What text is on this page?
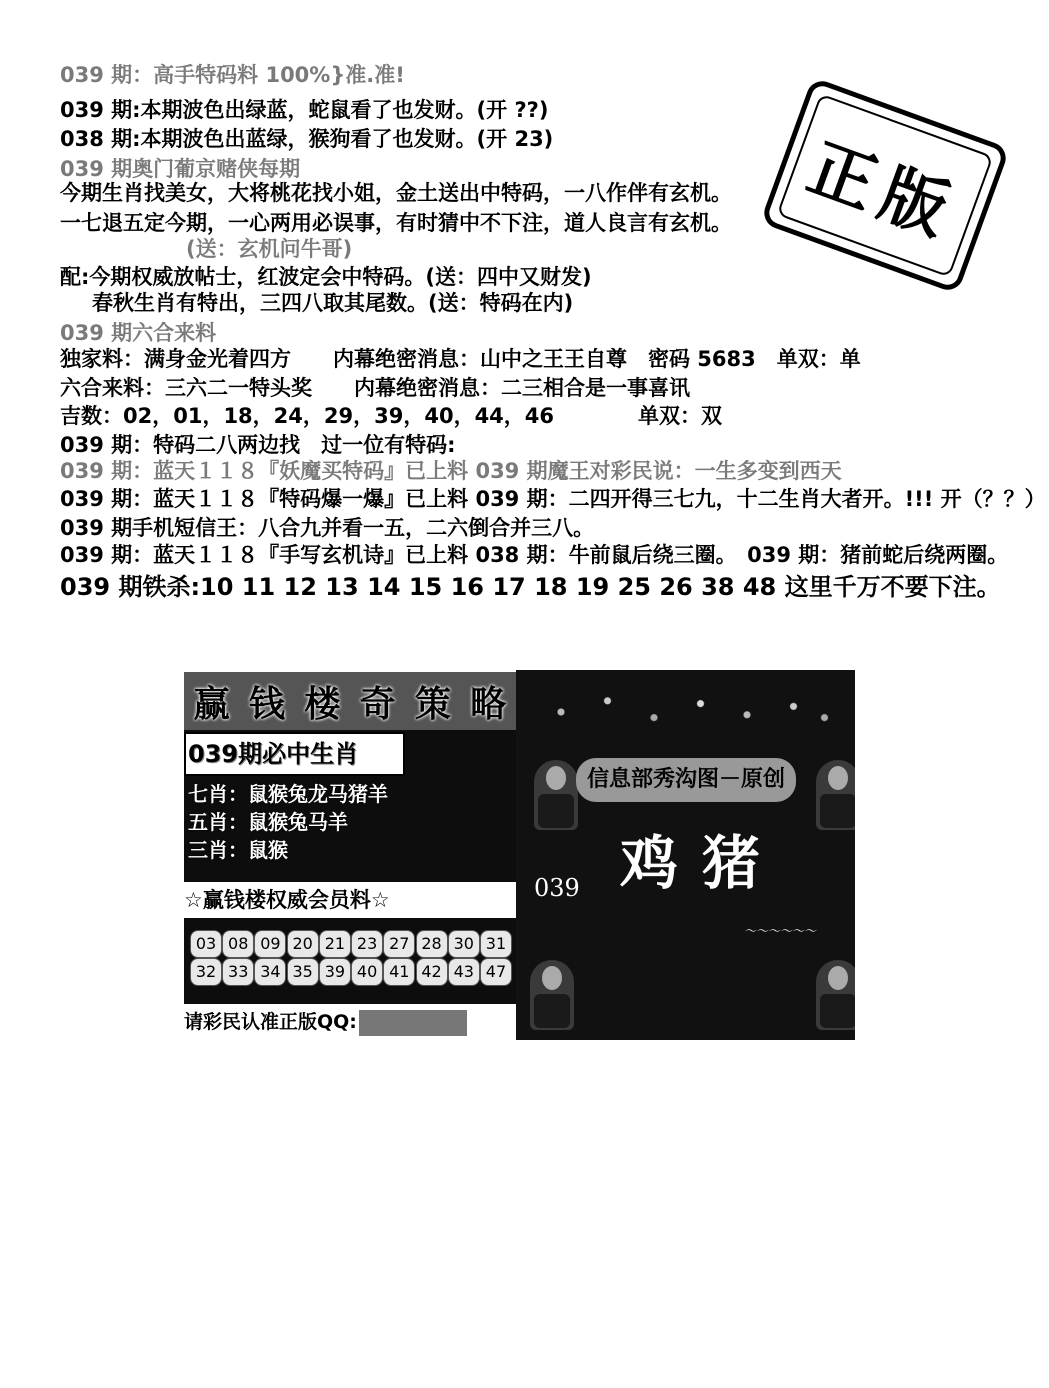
039 期：高手特码料 100%}准.准!
039 期:本期波色出绿蓝，蛇鼠看了也发财。(开 ??)
038 期:本期波色出蓝绿，猴狗看了也发财。(开 23)
039 期奥门葡京赌侠每期
今期生肖找美女，大将桃花找小姐，金土送出中特码，一八作伴有玄机。
一七退五定今期，一心两用必误事，有时猜中不下注，道人良言有玄机。
(送：玄机问牛哥)
配:今期权威放帖士，红波定会中特码。(送：四中又财发)
春秋生肖有特出，三四八取其尾数。(送：特码在内)
039 期六合来料
独家料：满身金光着四方　　内幕绝密消息：山中之王王自尊　密码 5683　单双：单
六合来料：三六二一特头奖　　内幕绝密消息：二三相合是一事喜讯
吉数：02，01，18，24，29，39，40，44，46　　　　单双：双
039 期：特码二八两边找　过一位有特码:
039 期：蓝天１１８『妖魔买特码』已上料 039 期魔王对彩民说：一生多变到西天
039 期：蓝天１１８『特码爆一爆』已上料 039 期：二四开得三七九，十二生肖大者开。!!! 开（？？）
039 期手机短信王：八合九并看一五，二六倒合并三八。
039 期：蓝天１１８『手写玄机诗』已上料 038 期：牛前鼠后绕三圈。　039 期：猪前蛇后绕两圈。
039 期铁杀:10 11 12 13 14 15 16 17 18 19 25 26 38 48 这里千万不要下注。
正版
赢 钱 楼 奇 策 略
039期必中生肖
七肖：鼠猴兔龙马猪羊
五肖：鼠猴兔马羊
三肖：鼠猴
☆赢钱楼权威会员料☆
03 08 09 20 21 23 27 28 30 31
32 33 34 35 39 40 41 42 43 47
请彩民认准正版QQ:
信息部秀沟图－原创
鸡猪
039
～～～～～～
